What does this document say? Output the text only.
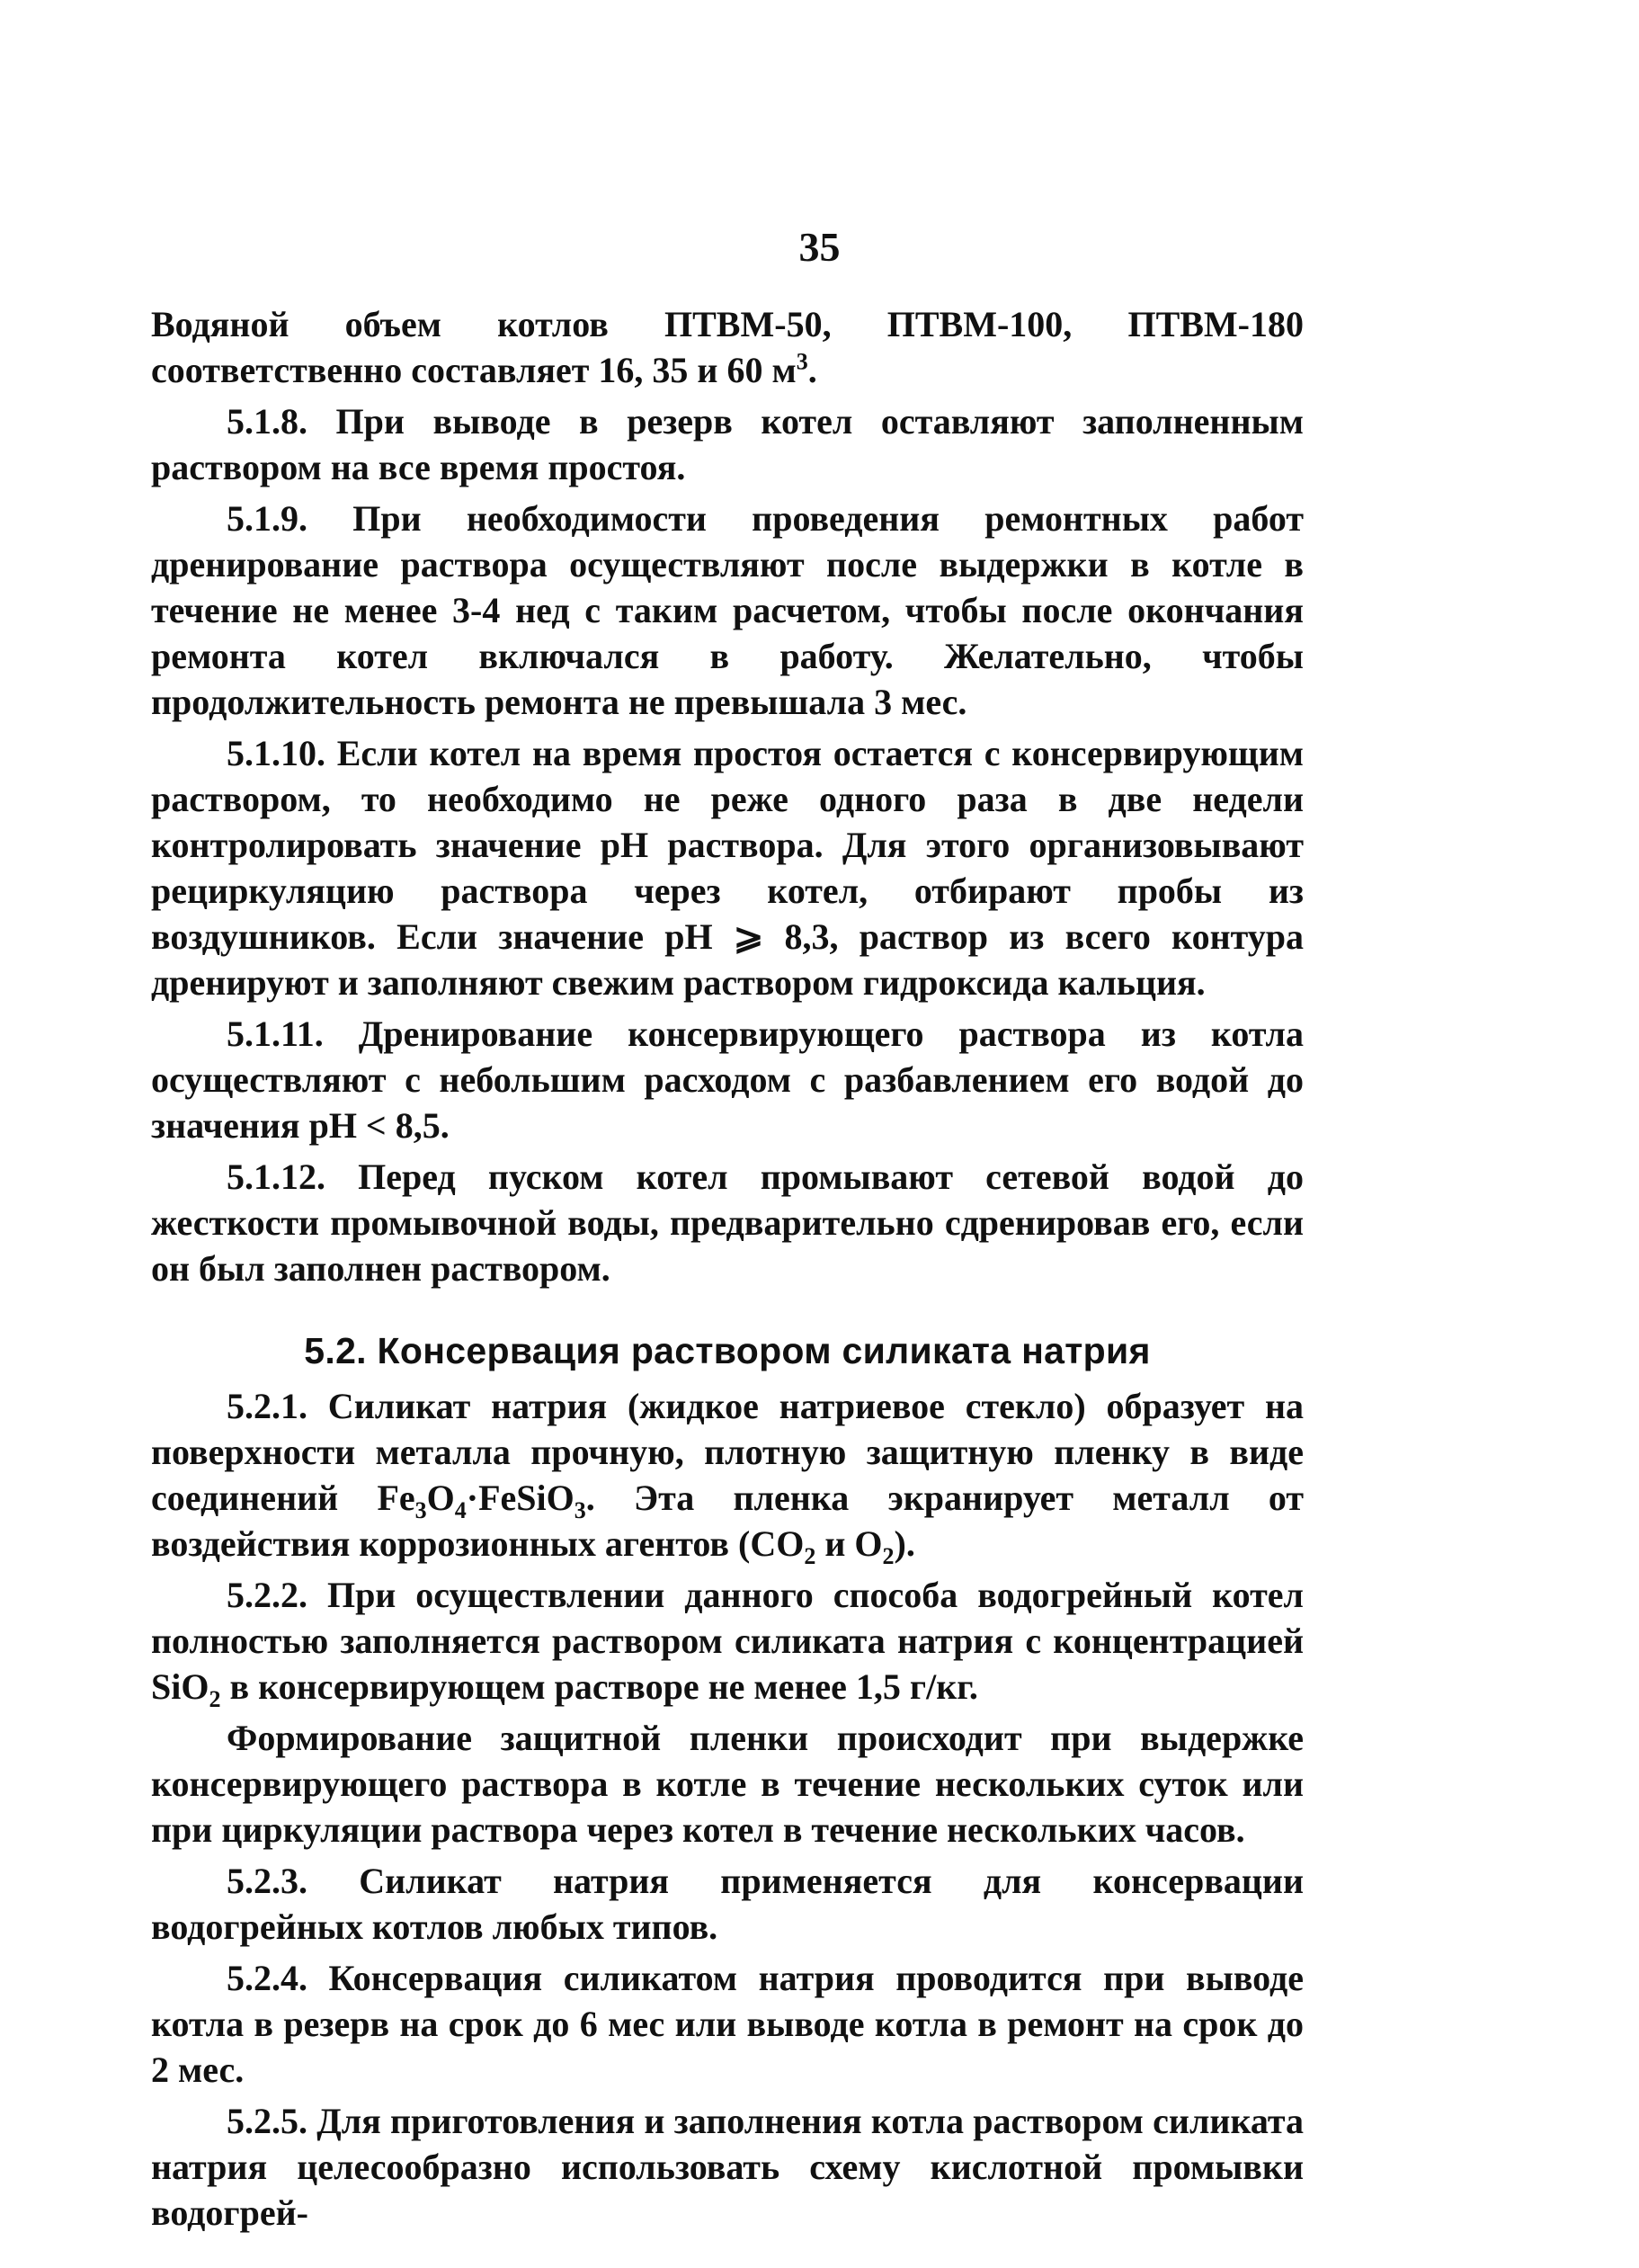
35

Водяной объем котлов ПТВМ-50, ПТВМ-100, ПТВМ-180 соответственно составляет 16, 35 и 60 $м^3$.

5.1.8. При выводе в резерв котел оставляют заполненным раствором на все время простоя.

5.1.9. При необходимости проведения ремонтных работ дренирование раствора осуществляют после выдержки в котле в течение не менее 3-4 нед с таким расчетом, чтобы после окончания ремонта котел включался в работу. Желательно, чтобы продолжительность ремонта не превышала 3 мес.

5.1.10. Если котел на время простоя остается с консервирующим раствором, то необходимо не реже одного раза в две недели контролировать значение pH раствора. Для этого организовывают рециркуляцию раствора через котел, отбирают пробы из воздушников. Если значение pH ⩾ 8,3, раствор из всего контура дренируют и заполняют свежим раствором гидроксида кальция.

5.1.11. Дренирование консервирующего раствора из котла осуществляют с небольшим расходом с разбавлением его водой до значения pH < 8,5.

5.1.12. Перед пуском котел промывают сетевой водой до жесткости промывочной воды, предварительно сдренировав его, если он был заполнен раствором.

5.2. Консервация раствором силиката натрия

5.2.1. Силикат натрия (жидкое натриевое стекло) образует на поверхности металла прочную, плотную защитную пленку в виде соединений $Fe_3O_4\cdot FeSiO_3$. Эта пленка экранирует металл от воздействия коррозионных агентов ($CO_2$ и $O_2$).

5.2.2. При осуществлении данного способа водогрейный котел полностью заполняется раствором силиката натрия с концентрацией SiO$_2$ в консервирующем растворе не менее 1,5 г/кг.

Формирование защитной пленки происходит при выдержке консервирующего раствора в котле в течение нескольких суток или при циркуляции раствора через котел в течение нескольких часов.

5.2.3. Силикат натрия применяется для консервации водогрейных котлов любых типов.

5.2.4. Консервация силикатом натрия проводится при выводе котла в резерв на срок до 6 мес или выводе котла в ремонт на срок до 2 мес.

5.2.5. Для приготовления и заполнения котла раствором силиката натрия целесообразно использовать схему кислотной промывки водогрей-
